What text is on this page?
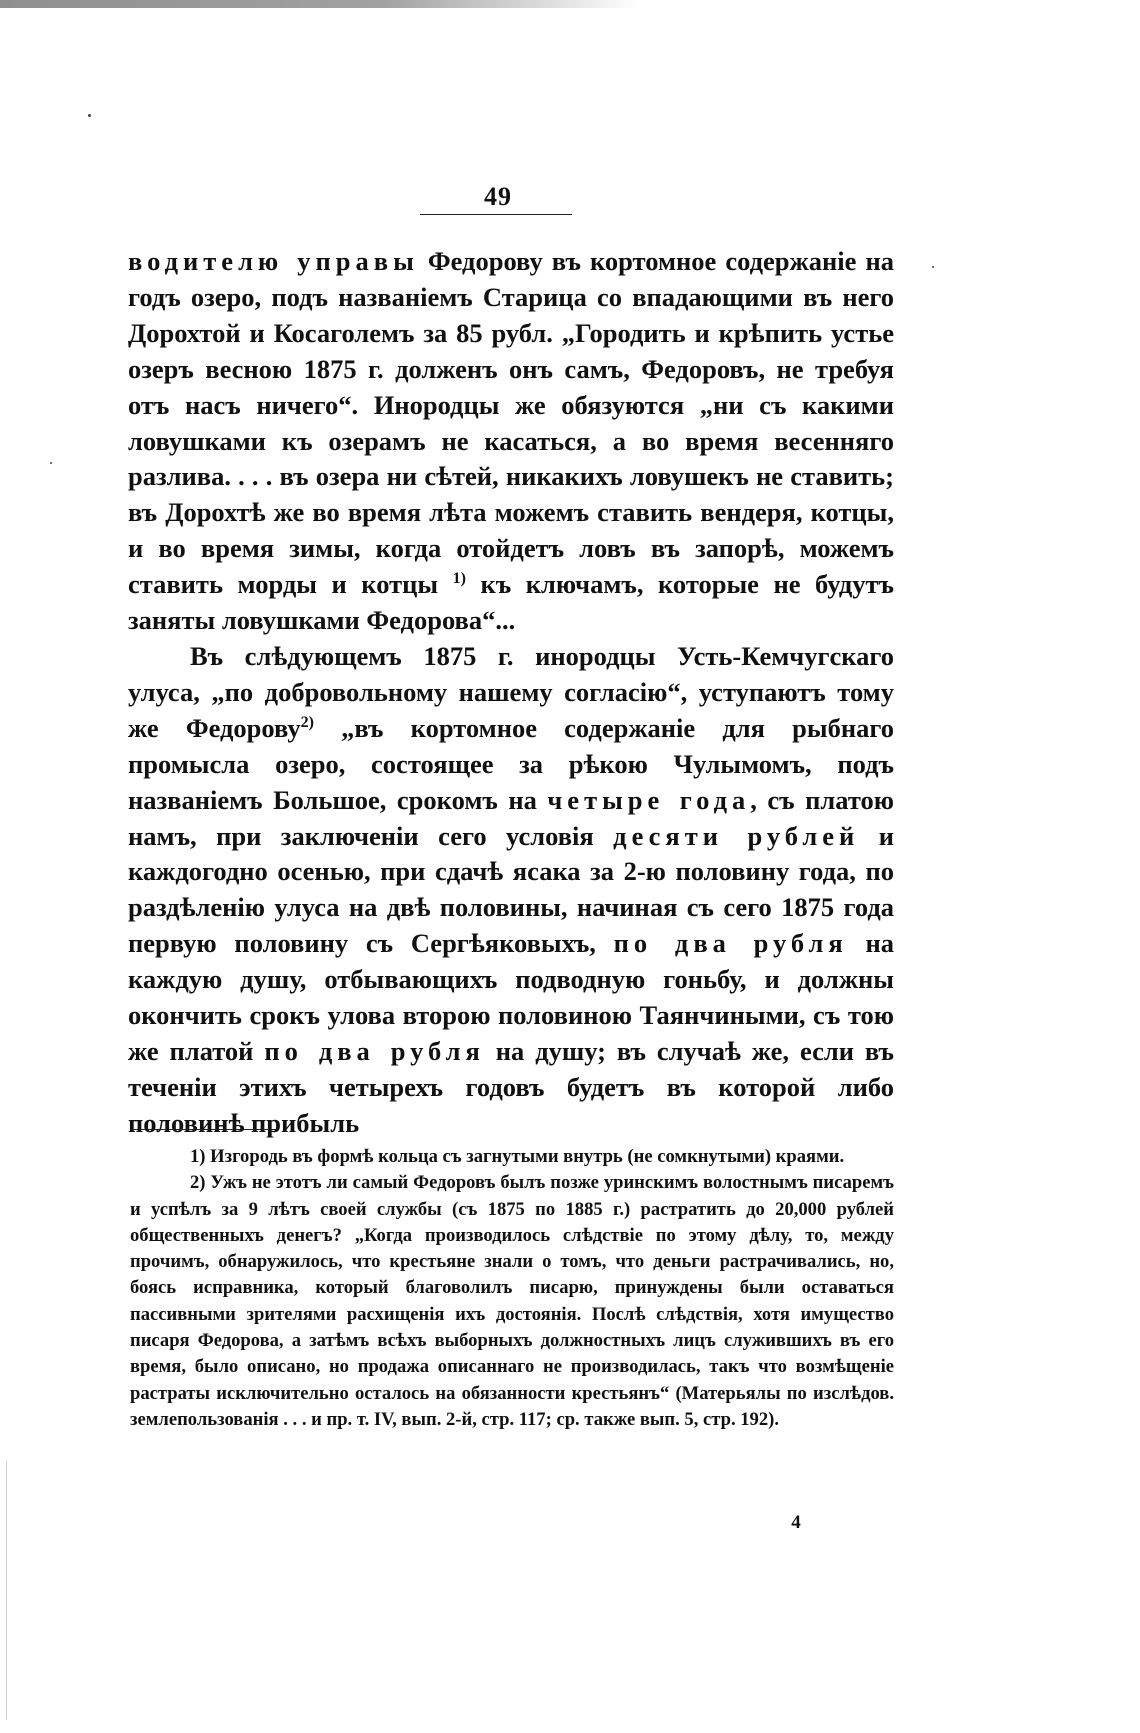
49

водителю управы Федорову въ кортомное содержаніе на годъ озеро, подъ названіемъ Старица со впадающими въ него Дорохтой и Косаголемъ за 85 рубл. „Городить и крѣпить устье озеръ весною 1875 г. долженъ онъ самъ, Федоровъ, не требуя отъ насъ ничего“. Инородцы же обязуются „ни съ какими ловушками къ озерамъ не касаться, а во время весенняго разлива. . . . въ озера ни сѣтей, никакихъ ловушекъ не ставить; въ Дорохтѣ же во время лѣта можемъ ставить вендеря, котцы, и во время зимы, когда отойдетъ ловъ въ запорѣ, можемъ ставить морды и котцы $^{1)}$ къ ключамъ, которые не будутъ заняты ловушками Федорова“...

Въ слѣдующемъ 1875 г. инородцы Усть-Кемчугскаго улуса, „по добровольному нашему согласію“, уступаютъ тому же Федорову$^{2)}$ „въ кортомное содержаніе для рыбнаго промысла озеро, состоящее за рѣкою Чулымомъ, подъ названіемъ Большое, срокомъ на четыре года, съ платою намъ, при заключеніи сего условія десяти рублей и каждогодно осенью, при сдачѣ ясака за 2-ю половину года, по раздѣленію улуса на двѣ половины, начиная съ сего 1875 года первую половину съ Сергѣяковыхъ, по два рубля на каждую душу, отбывающихъ подводную гоньбу, и должны окончить срокъ улова второю половиною Таянчиными, съ тою же платой по два рубля на душу; въ случаѣ же, если въ теченіи этихъ четырехъ годовъ будетъ въ которой либо половинѣ прибыль

1) Изгородь въ формѣ кольца съ загнутыми внутрь (не сомкнутыми) краями.

2) Ужъ не этотъ ли самый Федоровъ былъ позже уринскимъ волостнымъ писаремъ и успѣлъ за 9 лѣтъ своей службы (съ 1875 по 1885 г.) растратить до 20,000 рублей общественныхъ денегъ? „Когда производилось слѣдствіе по этому дѣлу, то, между прочимъ, обнаружилось, что крестьяне знали о томъ, что деньги растрачивались, но, боясь исправника, который благоволилъ писарю, принуждены были оставаться пассивными зрителями расхищенія ихъ достоянія. Послѣ слѣдствія, хотя имущество писаря Федорова, а затѣмъ всѣхъ выборныхъ должностныхъ лицъ служившихъ въ его время, было описано, но продажа описаннаго не производилась, такъ что возмѣщеніе растраты исключительно осталось на обязанности крестьянъ“ (Матерьялы по изслѣдов. землепользованія . . . и пр. т. IV, вып. 2-й, стр. 117; ср. также вып. 5, стр. 192).

4
